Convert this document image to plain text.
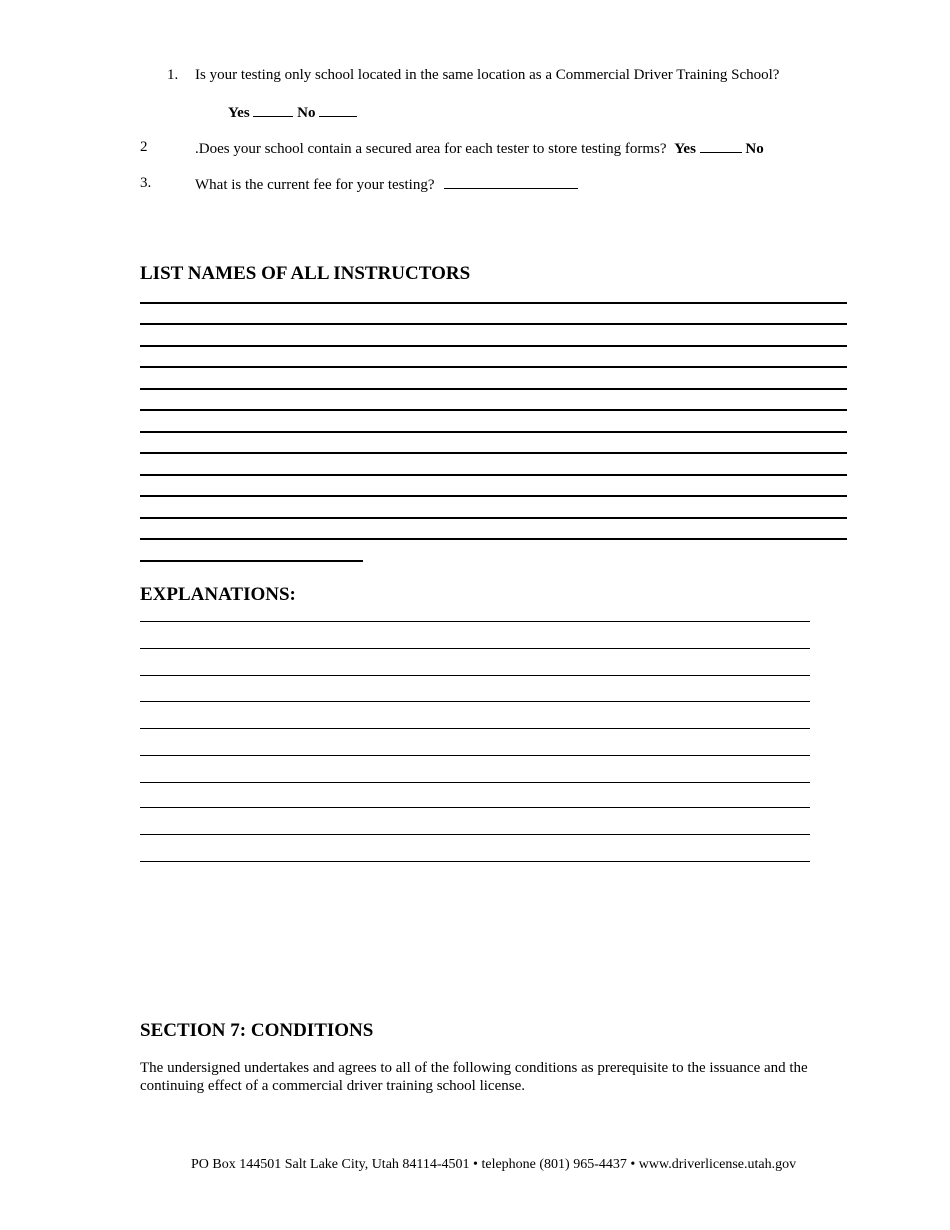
1. Is your testing only school located in the same location as a Commercial Driver Training School?
Yes	No
2	.Does your school contain a secured area for each tester to store testing forms? Yes	No
3.	What is the current fee for your testing?
LIST NAMES OF ALL INSTRUCTORS
EXPLANATIONS:
SECTION 7: CONDITIONS
The undersigned undertakes and agrees to all of the following conditions as prerequisite to the issuance and the continuing effect of a commercial driver training school license.
PO Box 144501 Salt Lake City, Utah 84114-4501 • telephone (801) 965-4437 • www.driverlicense.utah.gov
